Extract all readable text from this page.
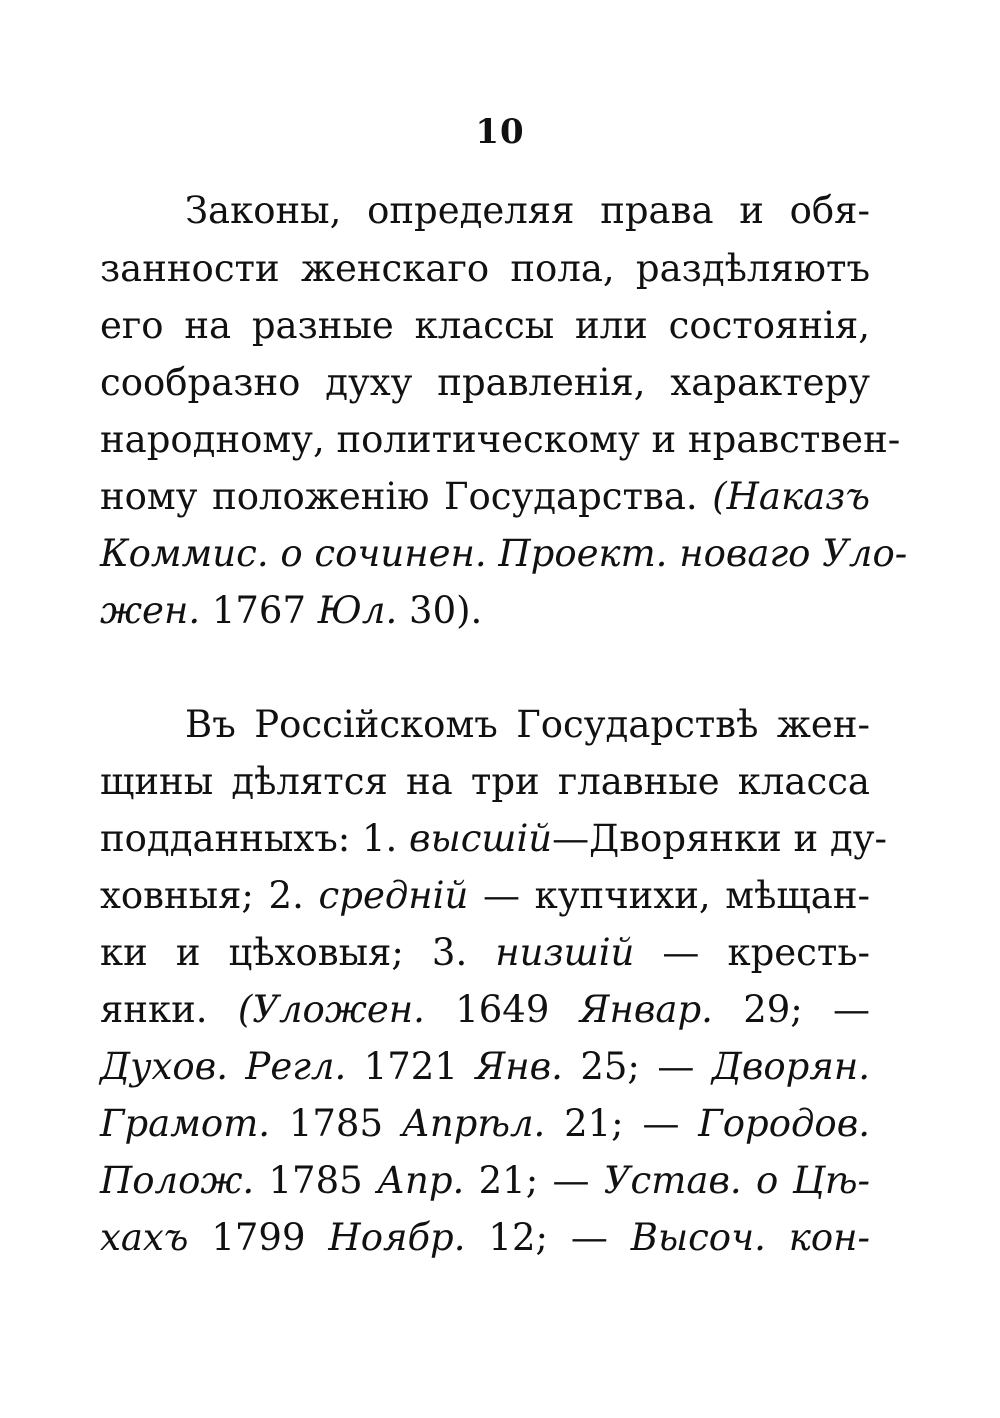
10
Законы, определяя права и обя-
занности женскаго пола, раздѣляютъ
его на разные классы или состоянія,
сообразно духу правленія, характеру
народному, политическому и нравствен-
ному положенію Государства. (Наказъ
Коммис. о сочинен. Проект. новаго Уло-
жен. 1767 Юл. 30).
Въ Россійскомъ Государствѣ жен-
щины дѣлятся на три главные класса
подданныхъ: 1. высшій—Дворянки и ду-
ховныя; 2. средній — купчихи, мѣщан-
ки и цѣховыя; 3. низшій — кресть-
янки. (Уложен. 1649 Январ. 29; —
Духов. Регл. 1721 Янв. 25; — Дворян.
Грамот. 1785 Апрѣл. 21; — Городов.
Полож. 1785 Апр. 21; — Устав. о Цѣ-
хахъ 1799 Ноябр. 12; — Высоч. кон-
